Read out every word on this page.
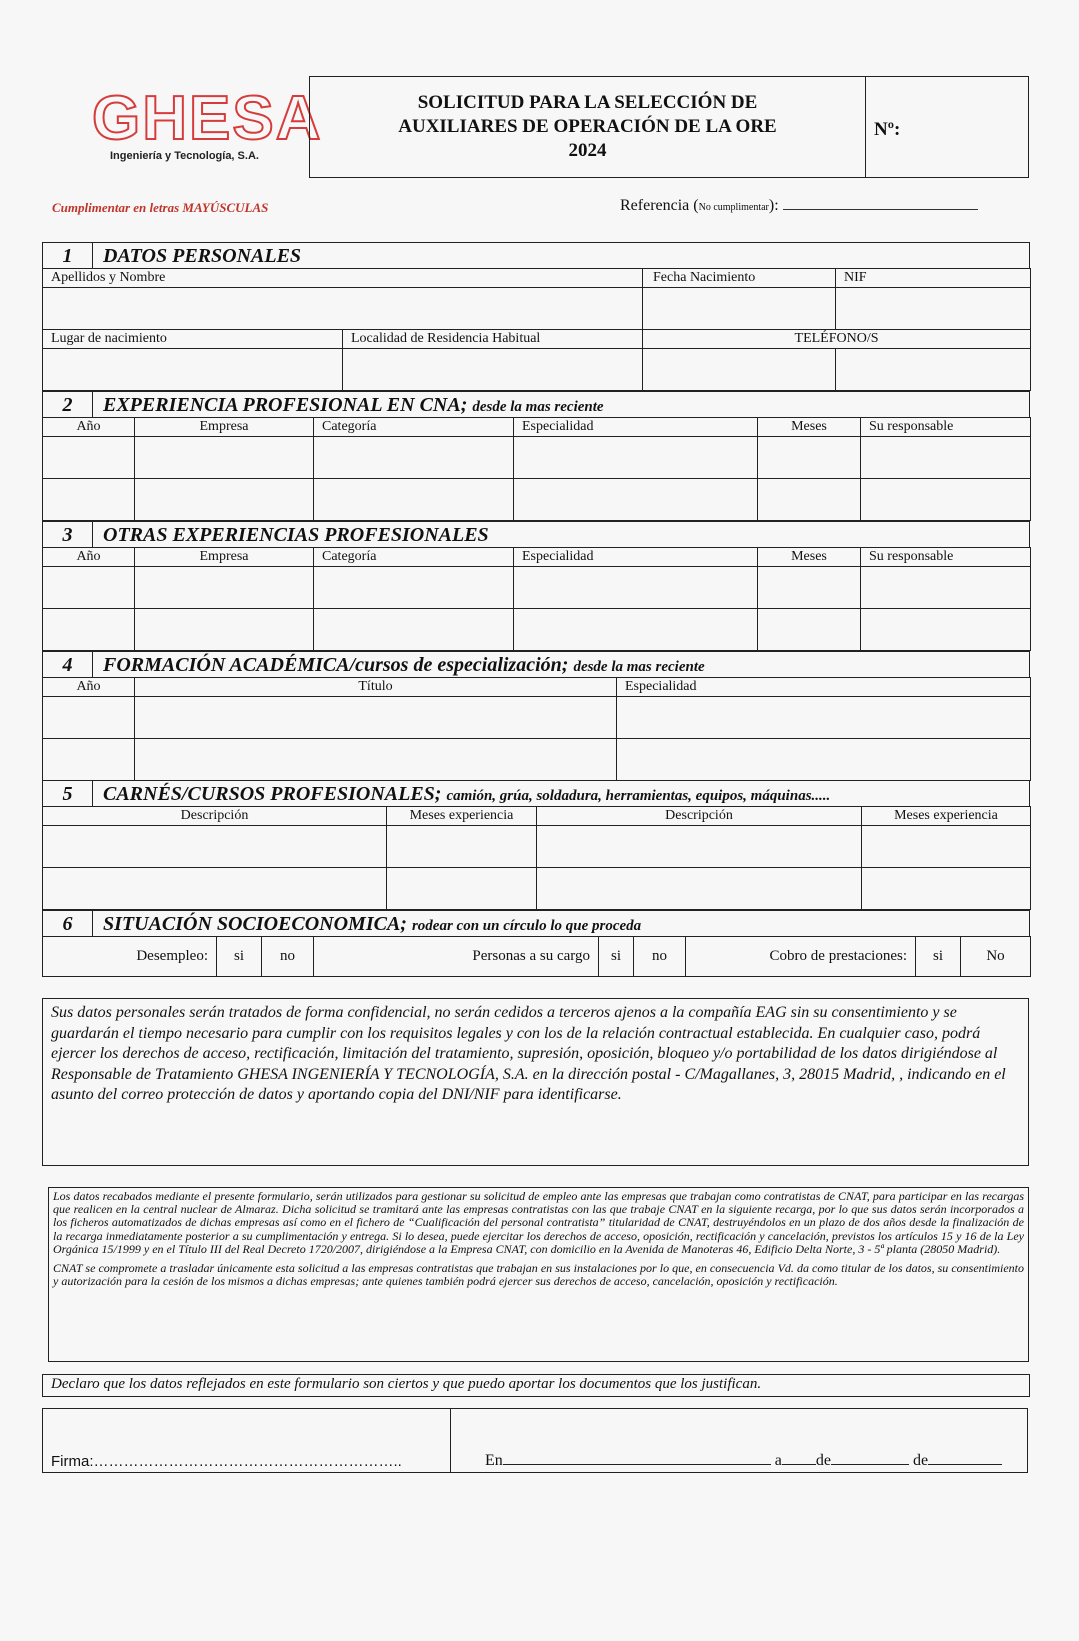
GHESA
Ingeniería y Tecnología, S.A.
SOLICITUD PARA LA SELECCIÓN DE
AUXILIARES DE OPERACIÓN DE LA ORE
2024
Nº:
Cumplimentar en letras MAYÚSCULAS	Referencia (No cumplimentar):
1	DATOS PERSONALES
Apellidos y Nombre		Fecha Nacimiento	NIF

Lugar de nacimiento	Localidad de Residencia Habitual	TELÉFONO/S	

2	EXPERIENCIA PROFESIONAL EN CNA; desde la mas reciente
Año	Empresa	Categoría	Especialidad	Meses	Su responsable

3	OTRAS EXPERIENCIAS PROFESIONALES
Año	Empresa	Categoría	Especialidad	Meses	Su responsable

4	FORMACIÓN ACADÉMICA/cursos de especialización; desde la mas reciente
Año	Título	Especialidad

5	CARNÉS/CURSOS PROFESIONALES; camión, grúa, soldadura, herramientas, equipos, máquinas.....
Descripción	Meses experiencia	Descripción	Meses experiencia

6	SITUACIÓN SOCIOECONOMICA; rodear con un círculo lo que proceda
Desempleo:	si	no	Personas a su cargo	si	no	Cobro de prestaciones:	si	No
Sus datos personales serán tratados de forma confidencial, no serán cedidos a terceros ajenos a la compañía EAG sin su consentimiento y se guardarán el tiempo necesario para cumplir con los requisitos legales y con los de la relación contractual establecida. En cualquier caso, podrá ejercer los derechos de acceso, rectificación, limitación del tratamiento, supresión, oposición, bloqueo y/o portabilidad de los datos dirigiéndose al Responsable de Tratamiento GHESA INGENIERÍA Y TECNOLOGÍA, S.A. en la dirección postal - C/Magallanes, 3, 28015 Madrid, , indicando en el asunto del correo protección de datos y aportando copia del DNI/NIF para identificarse.

Los datos recabados mediante el presente formulario, serán utilizados para gestionar su solicitud de empleo ante las empresas que trabajan como contratistas de CNAT, para participar en las recargas que realicen en la central nuclear de Almaraz. Dicha solicitud se tramitará ante las empresas contratistas con las que trabaje CNAT en la siguiente recarga, por lo que sus datos serán incorporados a los ficheros automatizados de dichas empresas así como en el fichero de “Cualificación del personal contratista” titularidad de CNAT, destruyéndolos en un plazo de dos años desde la finalización de la recarga inmediatamente posterior a su cumplimentación y entrega. Si lo desea, puede ejercitar los derechos de acceso, oposición, rectificación y cancelación, previstos los artículos 15 y 16 de la Ley Orgánica 15/1999 y en el Título III del Real Decreto 1720/2007, dirigiéndose a la Empresa CNAT, con domicilio en la Avenida de Manoteras 46, Edificio Delta Norte, 3 - 5ª planta (28050 Madrid).

CNAT se compromete a trasladar únicamente esta solicitud a las empresas contratistas que trabajan en sus instalaciones por lo que, en consecuencia Vd. da como titular de los datos, su consentimiento y autorización para la cesión de los mismos a dichas empresas; ante quienes también podrá ejercer sus derechos de acceso, cancelación, oposición y rectificación.

Declaro que los datos reflejados en este formulario son ciertos y que puedo aportar los documentos que los justifican.
Firma:……………………………………………………..	En	a de	de
